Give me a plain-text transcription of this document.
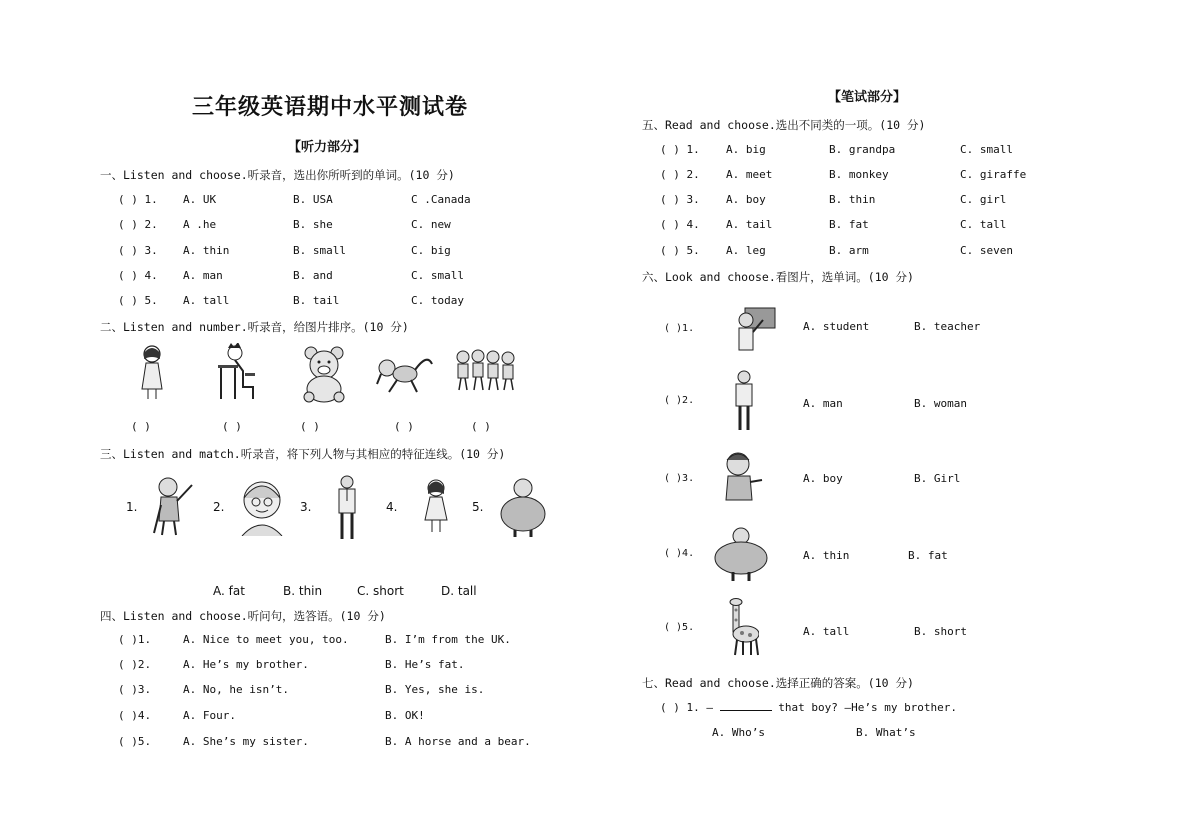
三年级英语期中水平测试卷
【听力部分】
一、Listen and choose.听录音，选出你所听到的单词。(10 分)
( ) 1. A. UK	B. USA	C .Canada
( ) 2. A .he	B. she	C. new
( ) 3. A. thin	B. small	C. big
( ) 4. A. man	B. and	C. small
( ) 5. A. tall	B. tail	C. today
二、Listen and number.听录音，给图片排序。(10 分)
( )	( )	( )	( )	( )
三、Listen and match.听录音，将下列人物与其相应的特征连线。(10 分)
1.	2.	3.	4.	5.
A. fat	B. thin	C. short	D. tall
四、Listen and choose.听问句，选答语。(10 分)
( )1.	A. Nice to meet you, too.	B. I’m from the UK.
( )2.	A. He’s my brother.	B. He’s fat.
( )3.	A. No, he isn’t.	B. Yes, she is.
( )4.	A. Four.	B. OK!
( )5.	A. She’s my sister.	B. A horse and a bear.
【笔试部分】
五、Read and choose.选出不同类的一项。(10 分)
( ) 1. A. big	B. grandpa	C. small
( ) 2. A. meet	B. monkey	C. giraffe
( ) 3. A. boy	B. thin	C. girl
( ) 4. A. tail	B. fat	C. tall
( ) 5. A. leg	B. arm	C. seven
六、Look and choose.看图片，选单词。(10 分)
( )1.	A. student	B. teacher
( )2.	A. man	B. woman
( )3.	A. boy	B. Girl
( )4.	A. thin	B. fat
( )5.	A. tall	B. short
七、Read and choose.选择正确的答案。(10 分)
( ) 1. —	that boy? —He’s my brother.
A. Who’s	B. What’s
